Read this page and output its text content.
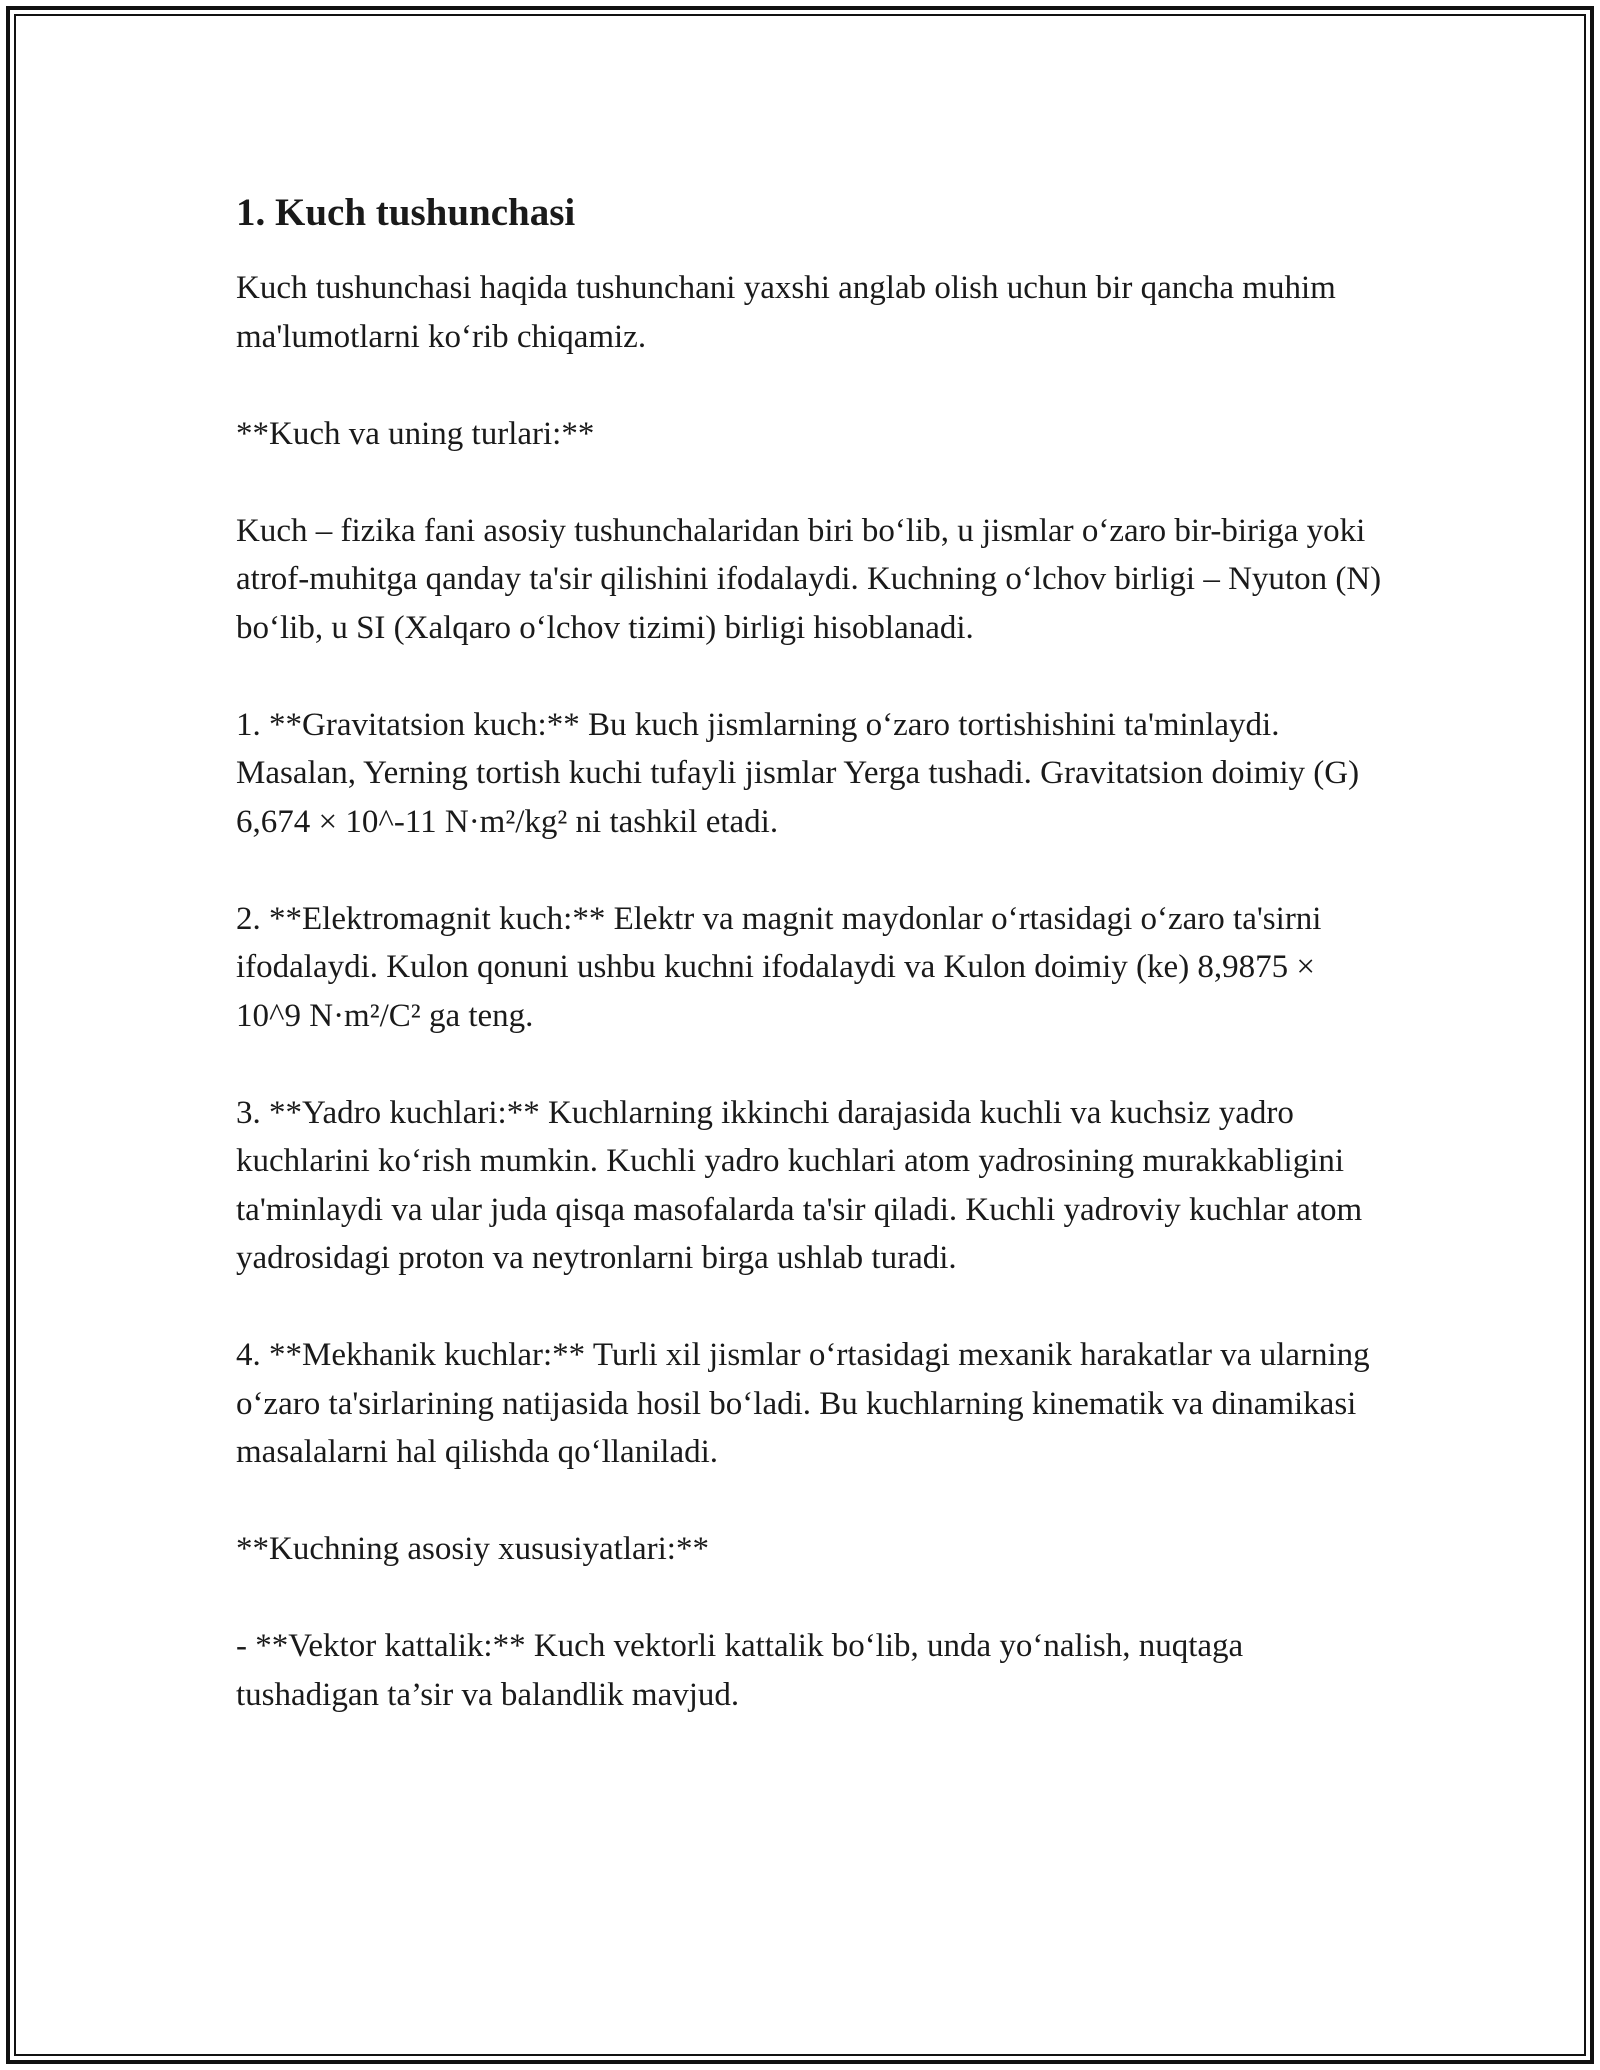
1. Kuch tushunchasi

Kuch tushunchasi haqida tushunchani yaxshi anglab olish uchun bir qancha muhim ma'lumotlarni ko‘rib chiqamiz.

**Kuch va uning turlari:**

Kuch – fizika fani asosiy tushunchalaridan biri bo‘lib, u jismlar o‘zaro bir-biriga yoki atrof-muhitga qanday ta'sir qilishini ifodalaydi. Kuchning o‘lchov birligi – Nyuton (N) bo‘lib, u SI (Xalqaro o‘lchov tizimi) birligi hisoblanadi.

1. **Gravitatsion kuch:** Bu kuch jismlarning o‘zaro tortishishini ta'minlaydi. Masalan, Yerning tortish kuchi tufayli jismlar Yerga tushadi. Gravitatsion doimiy (G) 6,674 × 10^-11 N·m²/kg² ni tashkil etadi.

2. **Elektromagnit kuch:** Elektr va magnit maydonlar o‘rtasidagi o‘zaro ta'sirni ifodalaydi. Kulon qonuni ushbu kuchni ifodalaydi va Kulon doimiy (ke) 8,9875 × 10^9 N·m²/C² ga teng.

3. **Yadro kuchlari:** Kuchlarning ikkinchi darajasida kuchli va kuchsiz yadro kuchlarini ko‘rish mumkin. Kuchli yadro kuchlari atom yadrosining murakkabligini ta'minlaydi va ular juda qisqa masofalarda ta'sir qiladi. Kuchli yadroviy kuchlar atom yadrosidagi proton va neytronlarni birga ushlab turadi.

4. **Mekhanik kuchlar:** Turli xil jismlar o‘rtasidagi mexanik harakatlar va ularning o‘zaro ta'sirlarining natijasida hosil bo‘ladi. Bu kuchlarning kinematik va dinamikasi masalalarni hal qilishda qo‘llaniladi.

**Kuchning asosiy xususiyatlari:**

- **Vektor kattalik:** Kuch vektorli kattalik bo‘lib, unda yo‘nalish, nuqtaga tushadigan ta’sir va balandlik mavjud.
